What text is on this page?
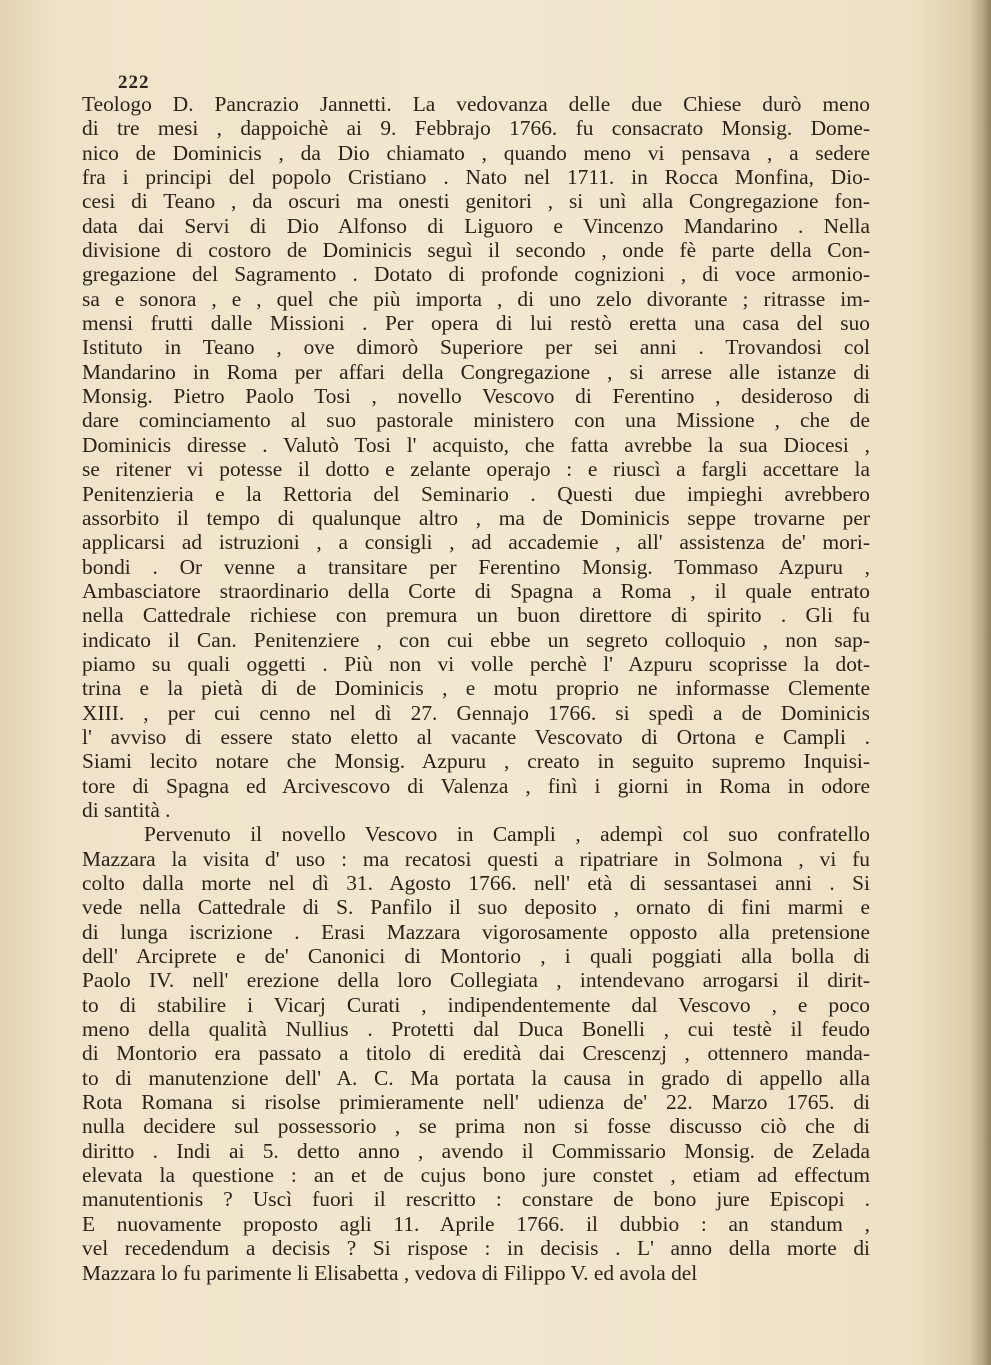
222
Teologo D. Pancrazio Jannetti. La vedovanza delle due Chiese durò meno
di tre mesi , dappoichè ai 9. Febbrajo 1766. fu consacrato Monsig. Dome-
nico de Dominicis , da Dio chiamato , quando meno vi pensava , a sedere
fra i principi del popolo Cristiano . Nato nel 1711. in Rocca Monfina, Dio-
cesi di Teano , da oscuri ma onesti genitori , si unì alla Congregazione fon-
data dai Servi di Dio Alfonso di Liguoro e Vincenzo Mandarino . Nella
divisione di costoro de Dominicis seguì il secondo , onde fè parte della Con-
gregazione del Sagramento . Dotato di profonde cognizioni , di voce armonio-
sa e sonora , e , quel che più importa , di uno zelo divorante ; ritrasse im-
mensi frutti dalle Missioni . Per opera di lui restò eretta una casa del suo
Istituto in Teano , ove dimorò Superiore per sei anni . Trovandosi col
Mandarino in Roma per affari della Congregazione , si arrese alle istanze di
Monsig. Pietro Paolo Tosi , novello Vescovo di Ferentino , desideroso di
dare cominciamento al suo pastorale ministero con una Missione , che de
Dominicis diresse . Valutò Tosi l' acquisto, che fatta avrebbe la sua Diocesi ,
se ritener vi potesse il dotto e zelante operajo : e riuscì a fargli accettare la
Penitenzieria e la Rettoria del Seminario . Questi due impieghi avrebbero
assorbito il tempo di qualunque altro , ma de Dominicis seppe trovarne per
applicarsi ad istruzioni , a consigli , ad accademie , all' assistenza de' mori-
bondi . Or venne a transitare per Ferentino Monsig. Tommaso Azpuru ,
Ambasciatore straordinario della Corte di Spagna a Roma , il quale entrato
nella Cattedrale richiese con premura un buon direttore di spirito . Gli fu
indicato il Can. Penitenziere , con cui ebbe un segreto colloquio , non sap-
piamo su quali oggetti . Più non vi volle perchè l' Azpuru scoprisse la dot-
trina e la pietà di de Dominicis , e motu proprio ne informasse Clemente
XIII. , per cui cenno nel dì 27. Gennajo 1766. si spedì a de Dominicis
l' avviso di essere stato eletto al vacante Vescovato di Ortona e Campli .
Siami lecito notare che Monsig. Azpuru , creato in seguito supremo Inquisi-
tore di Spagna ed Arcivescovo di Valenza , finì i giorni in Roma in odore
di santità .
Pervenuto il novello Vescovo in Campli , adempì col suo confratello
Mazzara la visita d' uso : ma recatosi questi a ripatriare in Solmona , vi fu
colto dalla morte nel dì 31. Agosto 1766. nell' età di sessantasei anni . Si
vede nella Cattedrale di S. Panfilo il suo deposito , ornato di fini marmi e
di lunga iscrizione . Erasi Mazzara vigorosamente opposto alla pretensione
dell' Arciprete e de' Canonici di Montorio , i quali poggiati alla bolla di
Paolo IV. nell' erezione della loro Collegiata , intendevano arrogarsi il dirit-
to di stabilire i Vicarj Curati , indipendentemente dal Vescovo , e poco
meno della qualità Nullius . Protetti dal Duca Bonelli , cui testè il feudo
di Montorio era passato a titolo di eredità dai Crescenzj , ottennero manda-
to di manutenzione dell' A. C. Ma portata la causa in grado di appello alla
Rota Romana si risolse primieramente nell' udienza de' 22. Marzo 1765. di
nulla decidere sul possessorio , se prima non si fosse discusso ciò che di
diritto . Indi ai 5. detto anno , avendo il Commissario Monsig. de Zelada
elevata la questione : an et de cujus bono jure constet , etiam ad effectum
manutentionis ? Uscì fuori il rescritto : constare de bono jure Episcopi .
E nuovamente proposto agli 11. Aprile 1766. il dubbio : an standum ,
vel recedendum a decisis ? Si rispose : in decisis . L' anno della morte di
Mazzara lo fu parimente li Elisabetta , vedova di Filippo V. ed avola del
